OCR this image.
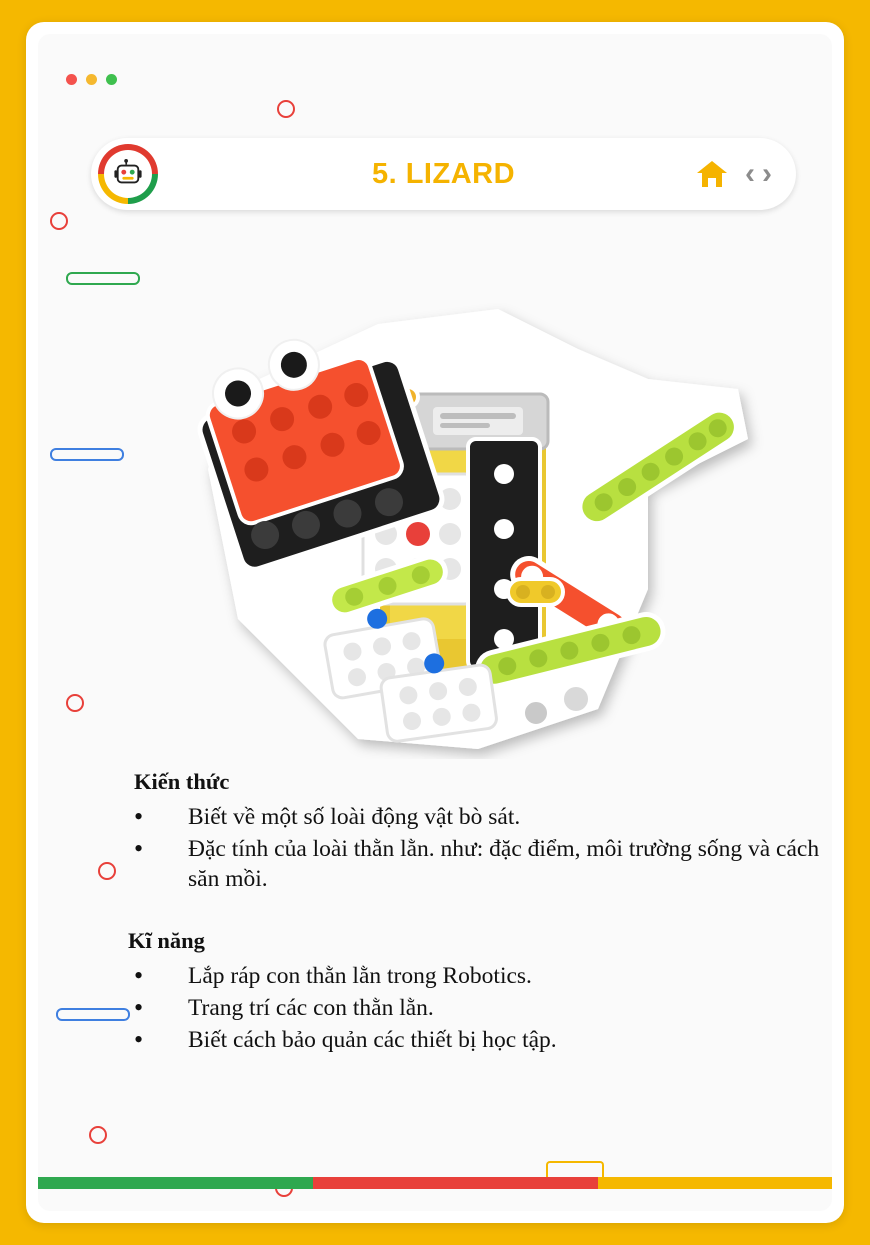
5. LIZARD	‹ ›
Kiến thức
• Biết về một số loài động vật bò sát.
• Đặc tính của loài thằn lằn. như: đặc điểm, môi trường sống và cách săn mồi.
Kĩ năng
• Lắp ráp con thằn lằn trong Robotics.
• Trang trí các con thằn lằn.
• Biết cách bảo quản các thiết bị học tập.
